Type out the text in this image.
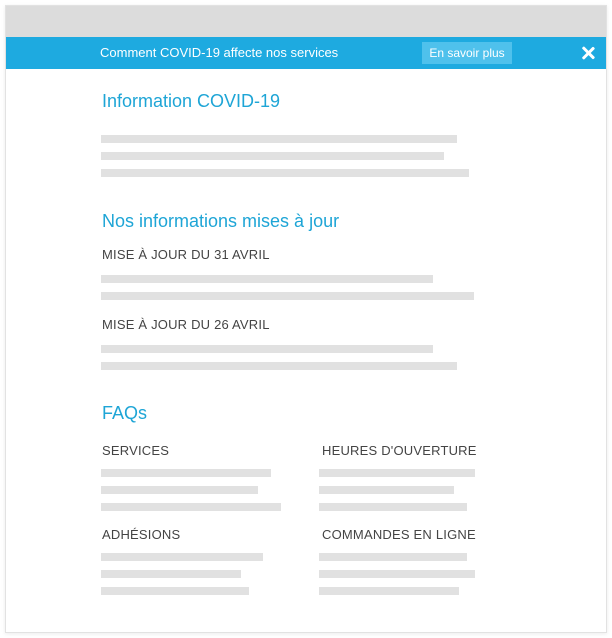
Comment COVID-19 affecte nos services	En savoir plus
Information COVID-19
Nos informations mises à jour
MISE À JOUR DU 31 AVRIL
MISE À JOUR DU 26 AVRIL
FAQs
SERVICES	HEURES D'OUVERTURE
ADHÉSIONS	COMMANDES EN LIGNE
